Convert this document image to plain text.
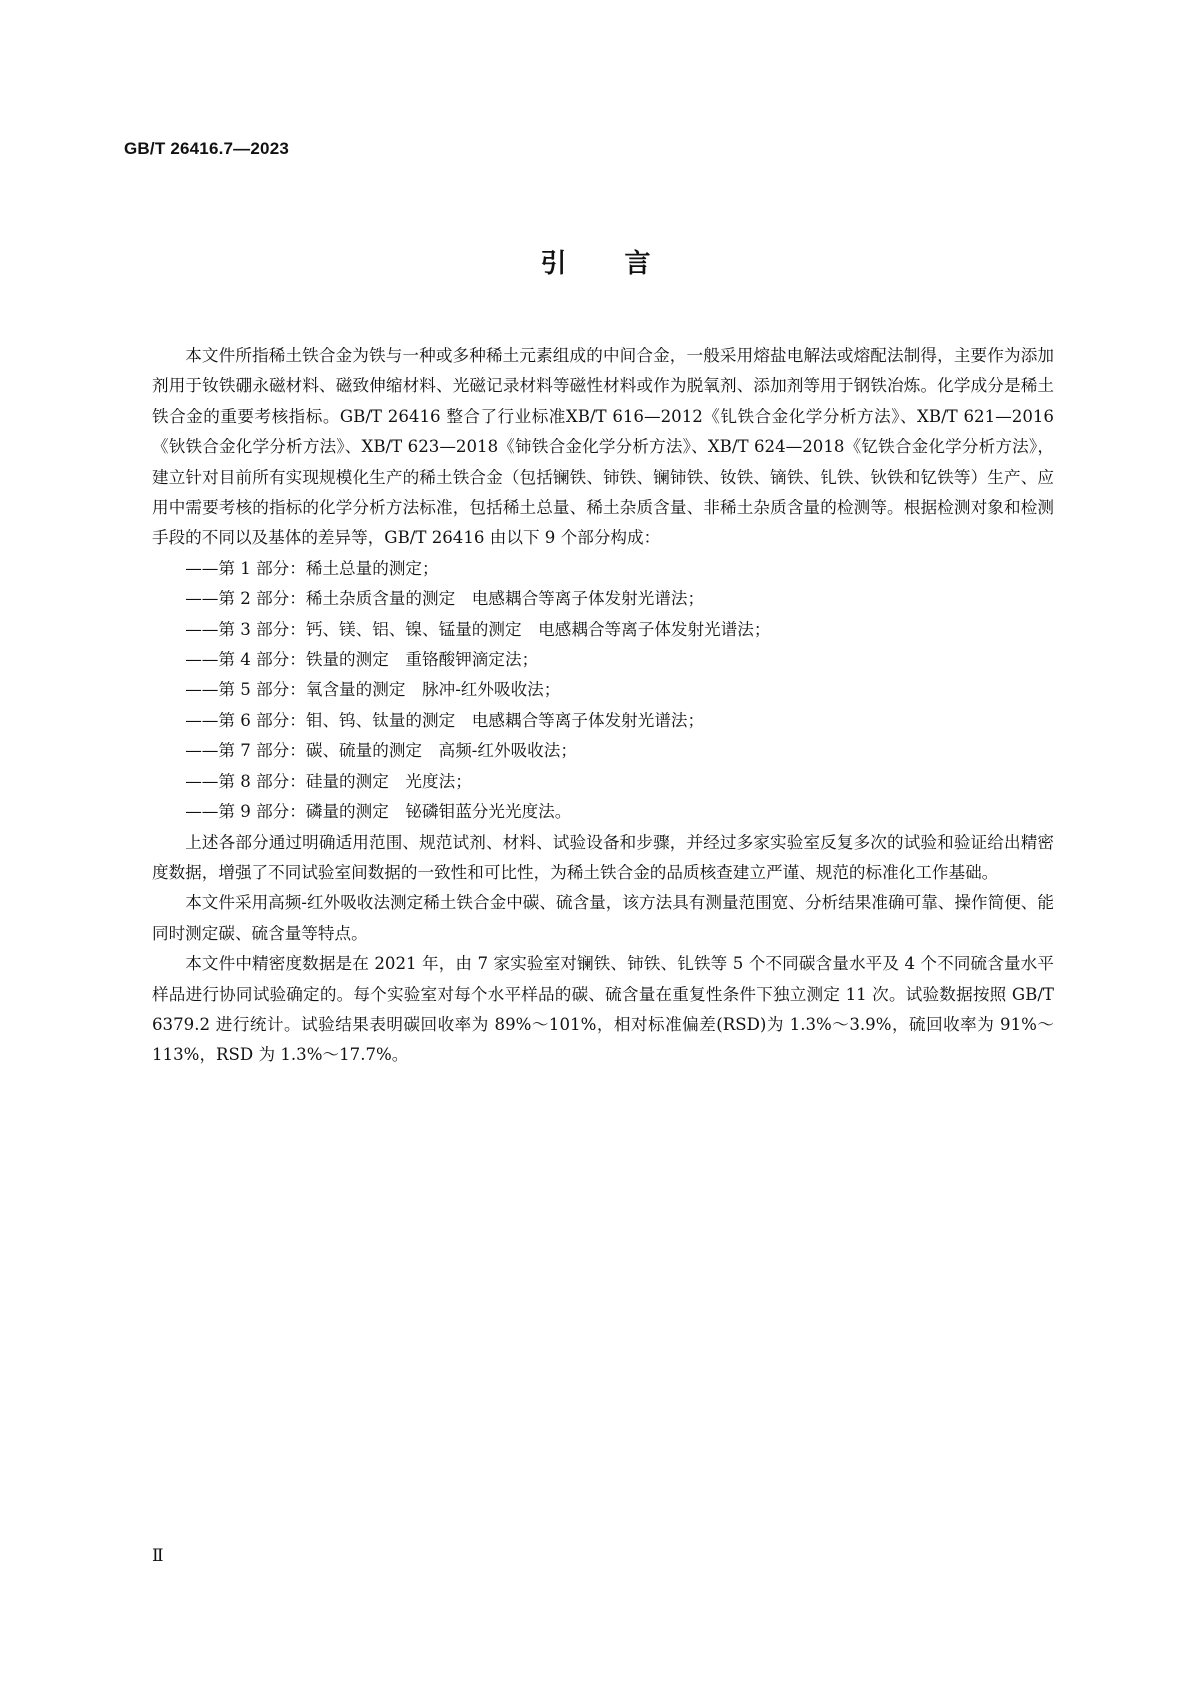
GB/T 26416.7—2023
引 言

本文件所指稀土铁合金为铁与一种或多种稀土元素组成的中间合金，一般采用熔盐电解法或熔配法制得，主要作为添加剂用于钕铁硼永磁材料、磁致伸缩材料、光磁记录材料等磁性材料或作为脱氧剂、添加剂等用于钢铁冶炼。化学成分是稀土铁合金的重要考核指标。GB/T 26416 整合了行业标准XB/T 616—2012《钆铁合金化学分析方法》、XB/T 621—2016《钬铁合金化学分析方法》、XB/T 623—2018《铈铁合金化学分析方法》、XB/T 624—2018《钇铁合金化学分析方法》，建立针对目前所有实现规模化生产的稀土铁合金（包括镧铁、铈铁、镧铈铁、钕铁、镝铁、钆铁、钬铁和钇铁等）生产、应用中需要考核的指标的化学分析方法标准，包括稀土总量、稀土杂质含量、非稀土杂质含量的检测等。根据检测对象和检测手段的不同以及基体的差异等，GB/T 26416 由以下 9 个部分构成：

——第 1 部分：稀土总量的测定；
——第 2 部分：稀土杂质含量的测定　电感耦合等离子体发射光谱法；
——第 3 部分：钙、镁、铝、镍、锰量的测定　电感耦合等离子体发射光谱法；
——第 4 部分：铁量的测定　重铬酸钾滴定法；
——第 5 部分：氧含量的测定　脉冲-红外吸收法；
——第 6 部分：钼、钨、钛量的测定　电感耦合等离子体发射光谱法；
——第 7 部分：碳、硫量的测定　高频-红外吸收法；
——第 8 部分：硅量的测定　光度法；
——第 9 部分：磷量的测定　铋磷钼蓝分光光度法。

上述各部分通过明确适用范围、规范试剂、材料、试验设备和步骤，并经过多家实验室反复多次的试验和验证给出精密度数据，增强了不同试验室间数据的一致性和可比性，为稀土铁合金的品质核查建立严谨、规范的标准化工作基础。

本文件采用高频-红外吸收法测定稀土铁合金中碳、硫含量，该方法具有测量范围宽、分析结果准确可靠、操作简便、能同时测定碳、硫含量等特点。

本文件中精密度数据是在 2021 年，由 7 家实验室对镧铁、铈铁、钆铁等 5 个不同碳含量水平及 4 个不同硫含量水平样品进行协同试验确定的。每个实验室对每个水平样品的碳、硫含量在重复性条件下独立测定 11 次。试验数据按照 GB/T 6379.2 进行统计。试验结果表明碳回收率为 89%～101%，相对标准偏差(RSD)为 1.3%～3.9%，硫回收率为 91%～113%，RSD 为 1.3%～17.7%。

Ⅱ
